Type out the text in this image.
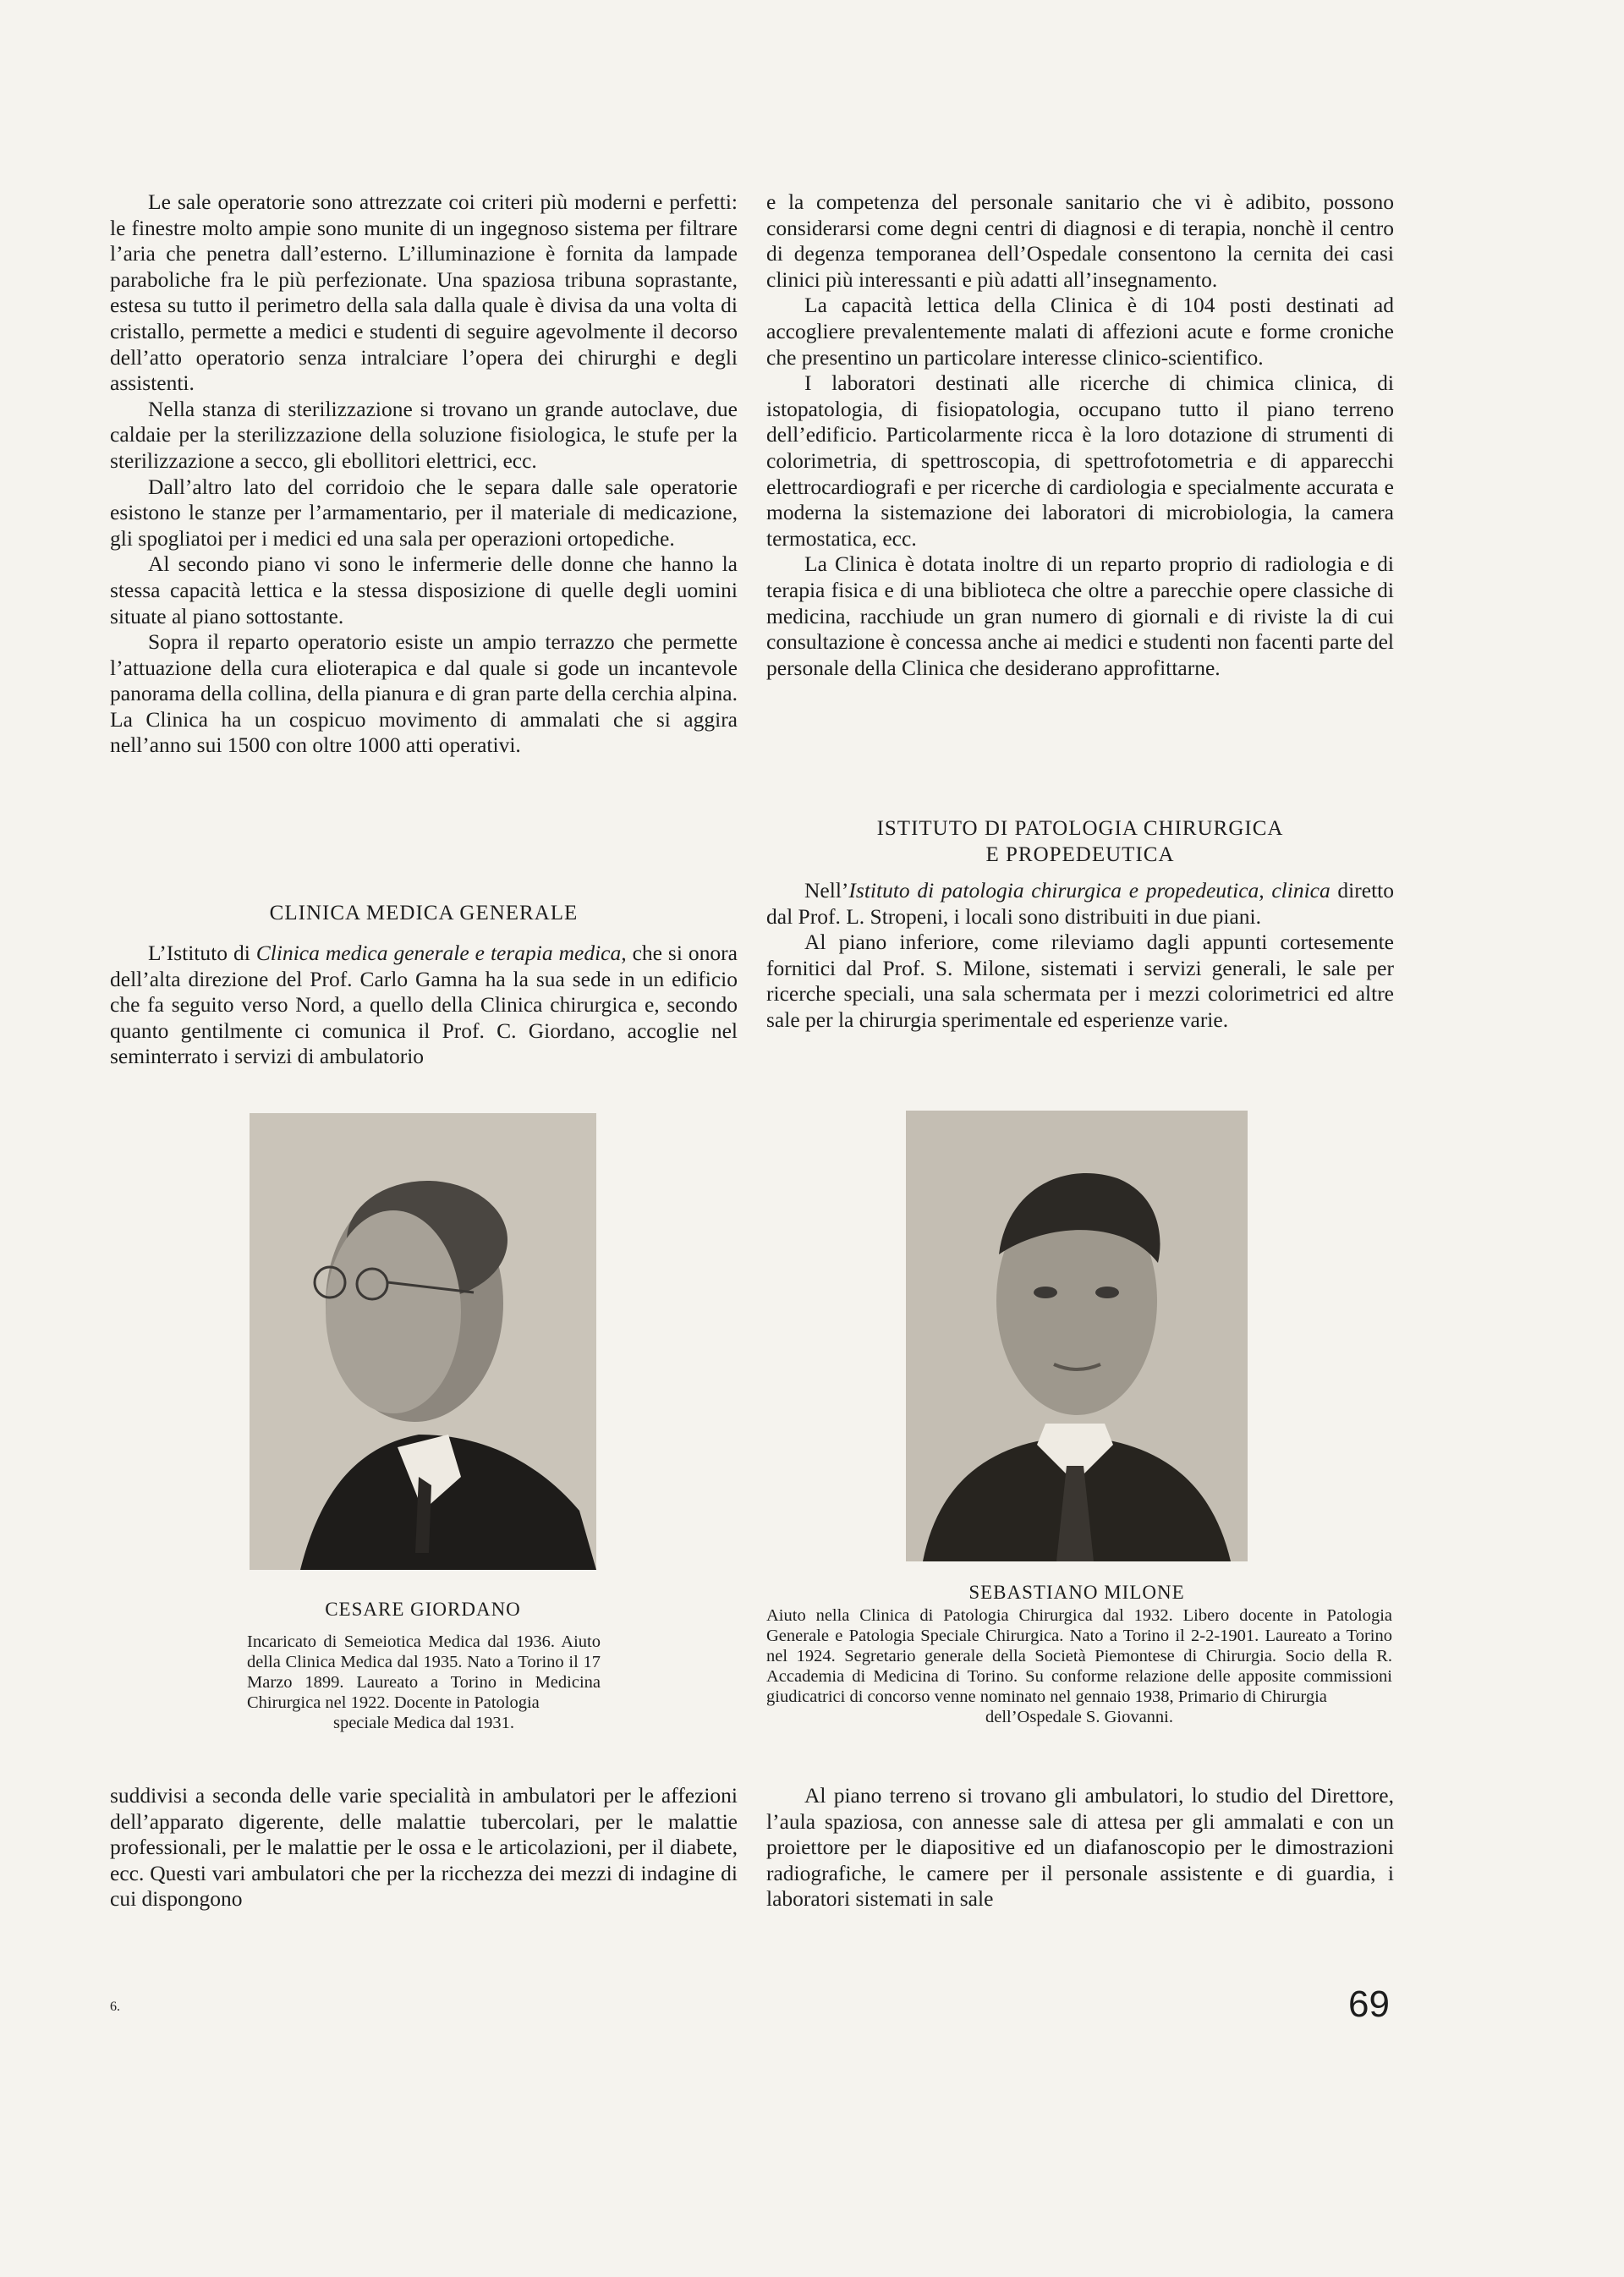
Le sale operatorie sono attrezzate coi criteri più moderni e perfetti: le finestre molto ampie sono munite di un ingegnoso sistema per filtrare l’aria che penetra dall’esterno. L’illuminazione è fornita da lampade paraboliche fra le più perfezionate. Una spaziosa tribuna soprastante, estesa su tutto il perimetro della sala dalla quale è divisa da una volta di cristallo, permette a medici e studenti di seguire agevolmente il decorso dell’atto operatorio senza intralciare l’opera dei chirurghi e degli assistenti.

Nella stanza di sterilizzazione si trovano un grande autoclave, due caldaie per la sterilizzazione della soluzione fisiologica, le stufe per la sterilizzazione a secco, gli ebollitori elettrici, ecc.

Dall’altro lato del corridoio che le separa dalle sale operatorie esistono le stanze per l’armamentario, per il materiale di medicazione, gli spogliatoi per i medici ed una sala per operazioni ortopediche.

Al secondo piano vi sono le infermerie delle donne che hanno la stessa capacità lettica e la stessa disposizione di quelle degli uomini situate al piano sottostante.

Sopra il reparto operatorio esiste un ampio terrazzo che permette l’attuazione della cura elioterapica e dal quale si gode un incantevole panorama della collina, della pianura e di gran parte della cerchia alpina. La Clinica ha un cospicuo movimento di ammalati che si aggira nell’anno sui 1500 con oltre 1000 atti operativi.

CLINICA MEDICA GENERALE

L’Istituto di Clinica medica generale e terapia medica, che si onora dell’alta direzione del Prof. Carlo Gamna ha la sua sede in un edificio che fa seguito verso Nord, a quello della Clinica chirurgica e, secondo quanto gentilmente ci comunica il Prof. C. Giordano, accoglie nel seminterrato i servizi di ambulatorio

e la competenza del personale sanitario che vi è adibito, possono considerarsi come degni centri di diagnosi e di terapia, nonchè il centro di degenza temporanea dell’Ospedale consentono la cernita dei casi clinici più interessanti e più adatti all’insegnamento.

La capacità lettica della Clinica è di 104 posti destinati ad accogliere prevalentemente malati di affezioni acute e forme croniche che presentino un particolare interesse clinico-scientifico.

I laboratori destinati alle ricerche di chimica clinica, di istopatologia, di fisiopatologia, occupano tutto il piano terreno dell’edificio. Particolarmente ricca è la loro dotazione di strumenti di colorimetria, di spettroscopia, di spettrofotometria e di apparecchi elettrocardiografi e per ricerche di cardiologia e specialmente accurata e moderna la sistemazione dei laboratori di microbiologia, la camera termostatica, ecc.

La Clinica è dotata inoltre di un reparto proprio di radiologia e di terapia fisica e di una biblioteca che oltre a parecchie opere classiche di medicina, racchiude un gran numero di giornali e di riviste la di cui consultazione è concessa anche ai medici e studenti non facenti parte del personale della Clinica che desiderano approfittarne.

ISTITUTO DI PATOLOGIA CHIRURGICA
E PROPEDEUTICA

Nell’Istituto di patologia chirurgica e propedeutica, clinica diretto dal Prof. L. Stropeni, i locali sono distribuiti in due piani.

Al piano inferiore, come rileviamo dagli appunti cortesemente fornitici dal Prof. S. Milone, sistemati i servizi generali, le sale per ricerche speciali, una sala schermata per i mezzi colorimetrici ed altre sale per la chirurgia sperimentale ed esperienze varie.

CESARE GIORDANO
Incaricato di Semeiotica Medica dal 1936. Aiuto della Clinica Medica dal 1935. Nato a Torino il 17 Marzo 1899. Laureato a Torino in Medicina Chirurgica nel 1922. Docente in Patologia
speciale Medica dal 1931.
SEBASTIANO MILONE
Aiuto nella Clinica di Patologia Chirurgica dal 1932. Libero docente in Patologia Generale e Patologia Speciale Chirurgica. Nato a Torino il 2-2-1901. Laureato a Torino nel 1924. Segretario generale della Società Piemontese di Chirurgia. Socio della R. Accademia di Medicina di Torino. Su conforme relazione delle apposite commissioni giudicatrici di concorso venne nominato nel gennaio 1938, Primario di Chirurgia
dell’Ospedale S. Giovanni.

suddivisi a seconda delle varie specialità in ambulatori per le affezioni dell’apparato digerente, delle malattie tubercolari, per le malattie professionali, per le malattie per le ossa e le articolazioni, per il diabete, ecc. Questi vari ambulatori che per la ricchezza dei mezzi di indagine di cui dispongono

Al piano terreno si trovano gli ambulatori, lo studio del Direttore, l’aula spaziosa, con annesse sale di attesa per gli ammalati e con un proiettore per le diapositive ed un diafanoscopio per le dimostrazioni radiografiche, le camere per il personale assistente e di guardia, i laboratori sistemati in sale

6.	69
